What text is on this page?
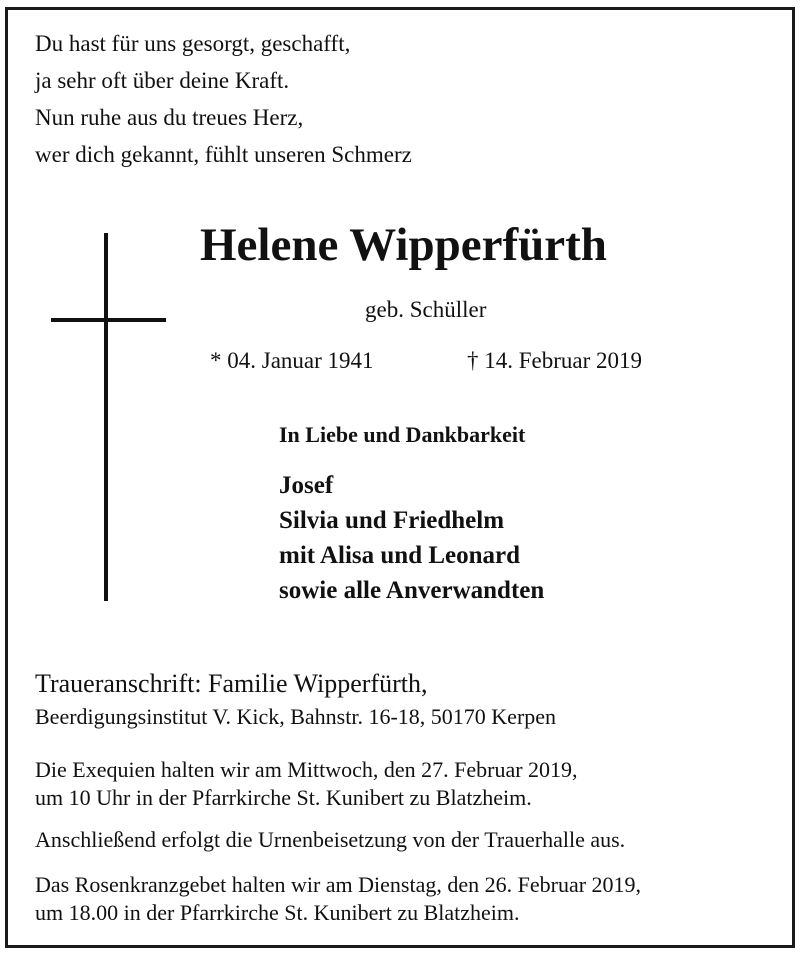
Du hast für uns gesorgt, geschafft,
ja sehr oft über deine Kraft.
Nun ruhe aus du treues Herz,
wer dich gekannt, fühlt unseren Schmerz
Helene Wipperfürth
geb. Schüller
* 04. Januar 1941	† 14. Februar 2019
In Liebe und Dankbarkeit
Josef
Silvia und Friedhelm
mit Alisa und Leonard
sowie alle Anverwandten
Traueranschrift: Familie Wipperfürth,
Beerdigungsinstitut V. Kick, Bahnstr. 16-18, 50170 Kerpen
Die Exequien halten wir am Mittwoch, den 27. Februar 2019,
um 10 Uhr in der Pfarrkirche St. Kunibert zu Blatzheim.
Anschließend erfolgt die Urnenbeisetzung von der Trauerhalle aus.
Das Rosenkranzgebet halten wir am Dienstag, den 26. Februar 2019,
um 18.00 in der Pfarrkirche St. Kunibert zu Blatzheim.
